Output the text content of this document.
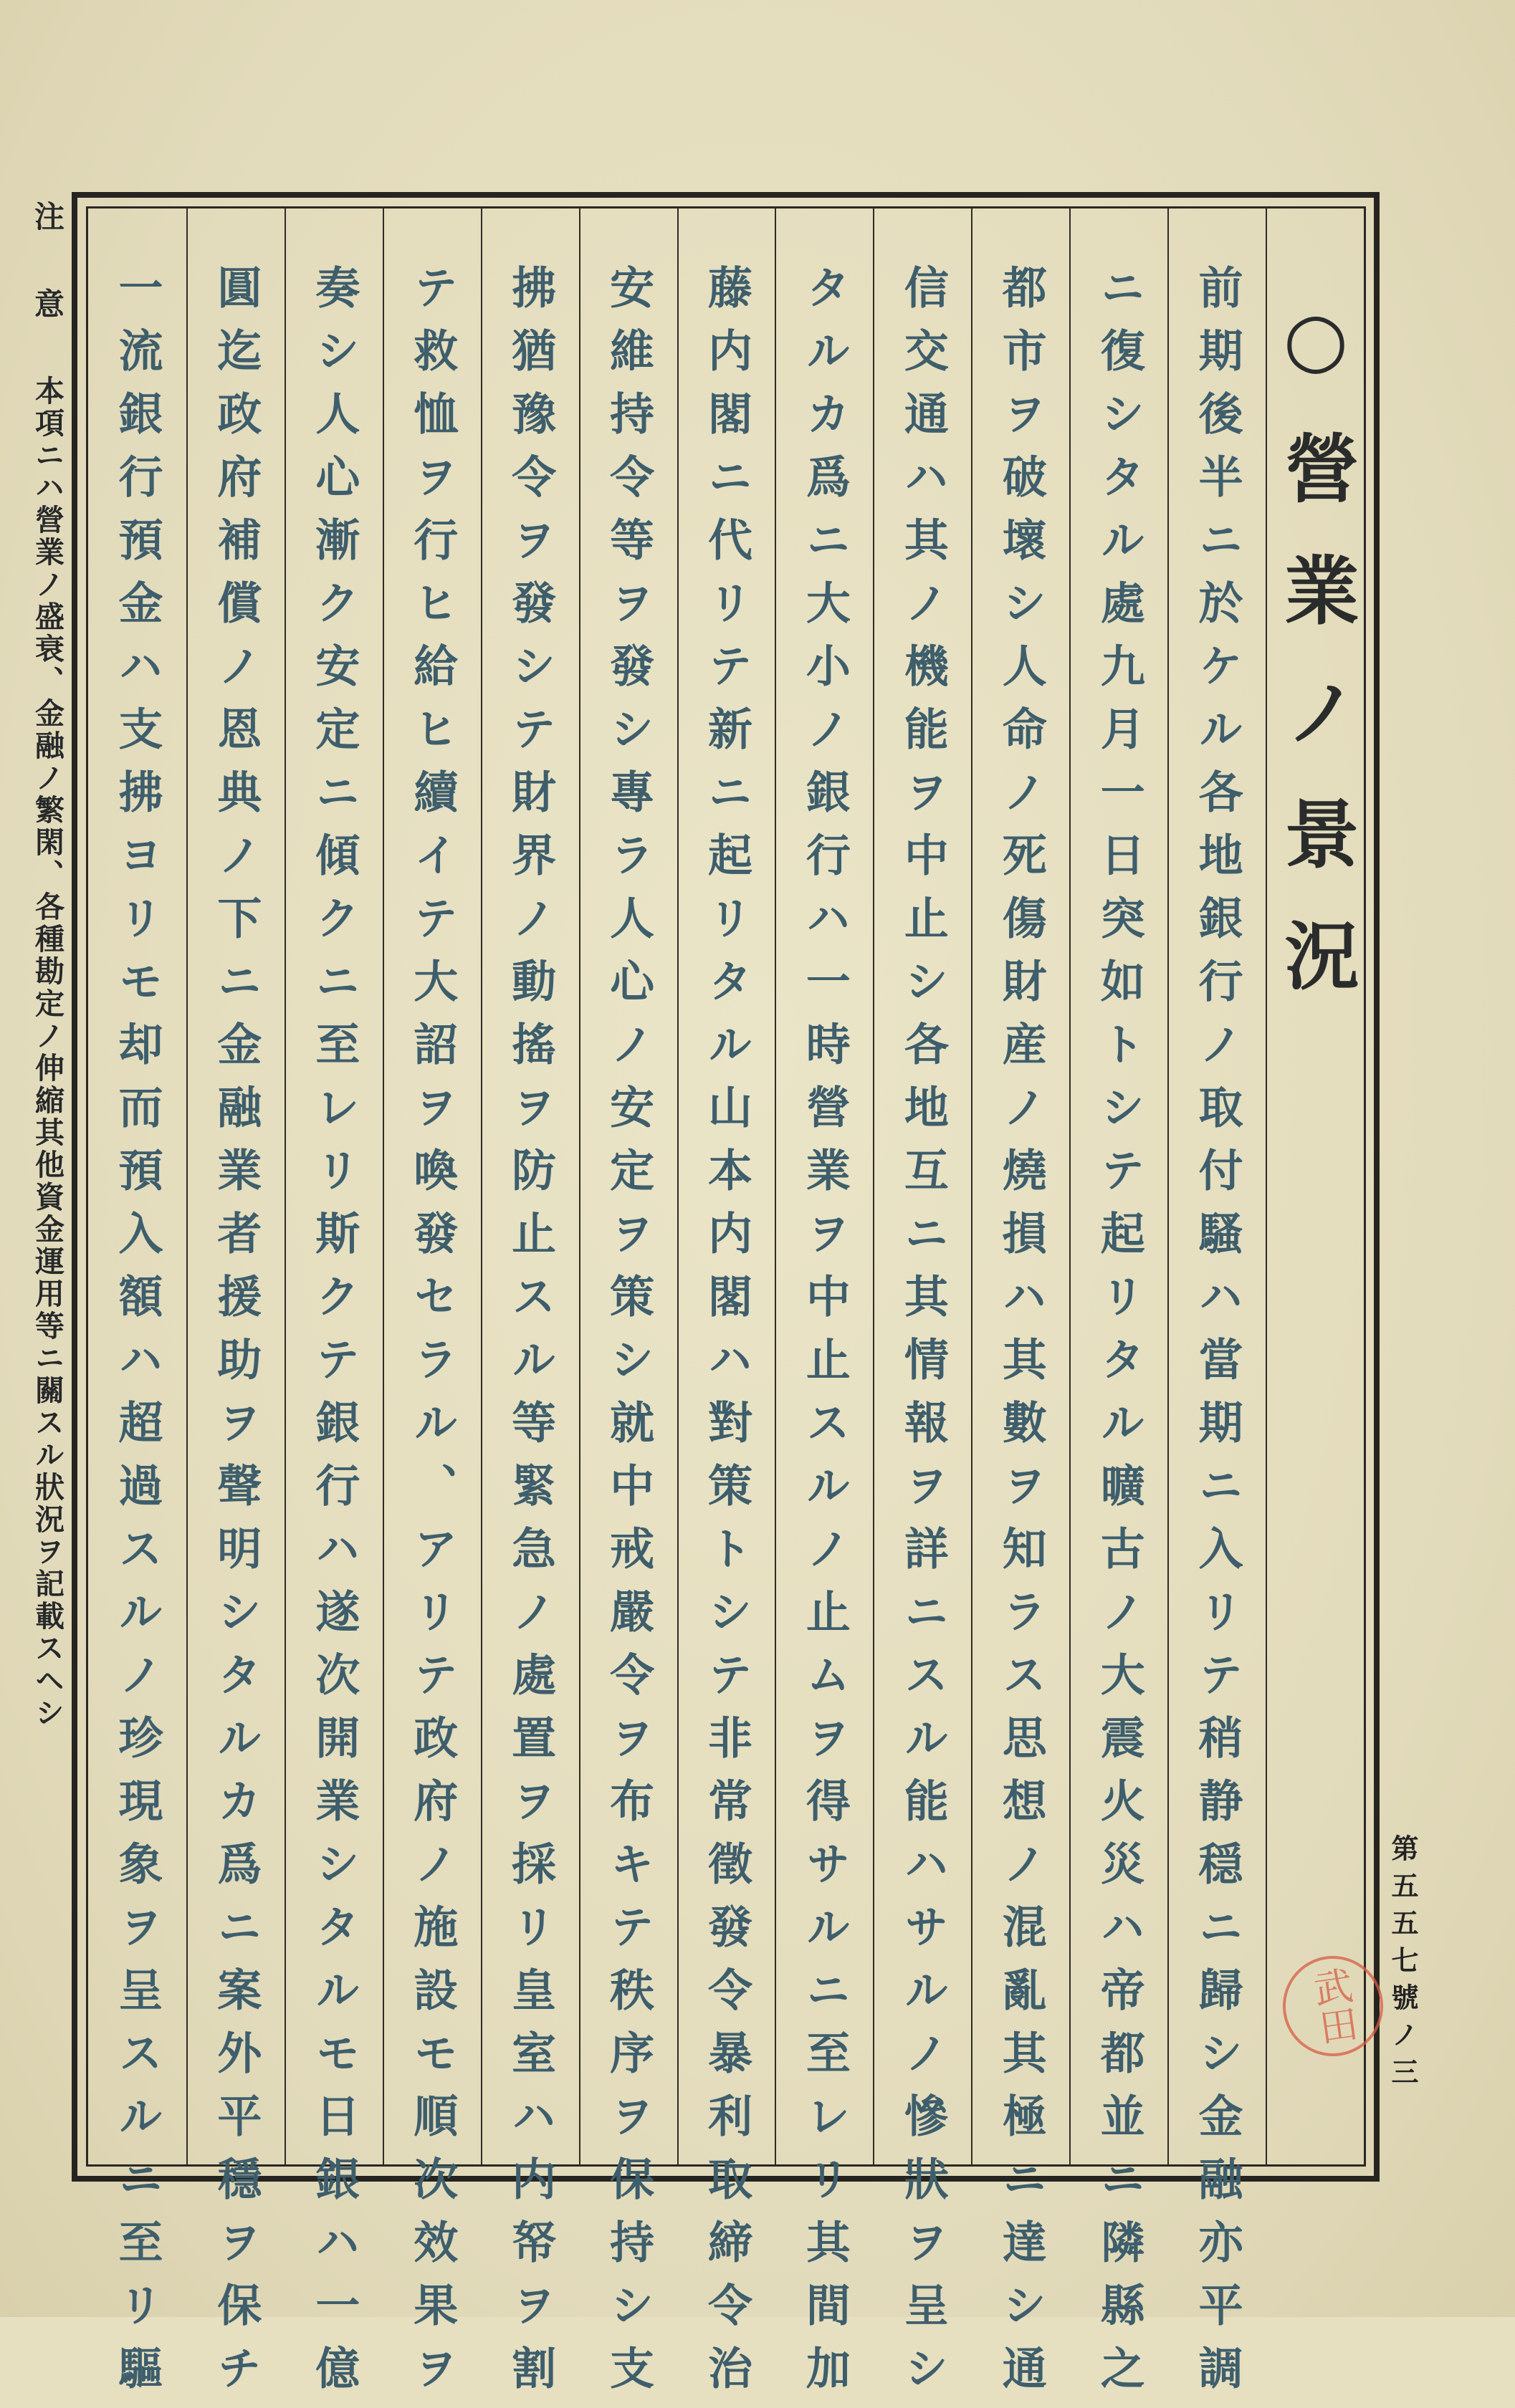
注意本項ニハ營業ノ盛衰、金融ノ繁閑、各種勘定ノ伸縮其他資金運用等ニ關スル狀況ヲ記載スヘシ	○營業ノ景況
前期後半ニ於ケル各地銀行ノ取付騷ハ當期ニ入リテ稍静穏ニ歸シ金融亦平調
ニ復シタル處九月一日突如トシテ起リタル曠古ノ大震火災ハ帝都並ニ隣縣之
都市ヲ破壞シ人命ノ死傷財産ノ燒損ハ其數ヲ知ラス思想ノ混亂其極ニ達シ通
信交通ハ其ノ機能ヲ中止シ各地互ニ其情報ヲ詳ニスル能ハサルノ慘狀ヲ呈シ
タルカ爲ニ大小ノ銀行ハ一時營業ヲ中止スルノ止ムヲ得サルニ至レリ其間加
藤内閣ニ代リテ新ニ起リタル山本内閣ハ對策トシテ非常徵發令暴利取締令治
安維持令等ヲ發シ專ラ人心ノ安定ヲ策シ就中戒嚴令ヲ布キテ秩序ヲ保持シ支
拂猶豫令ヲ發シテ財界ノ動搖ヲ防止スル等緊急ノ處置ヲ採リ皇室ハ内帑ヲ割
テ救恤ヲ行ヒ給ヒ續イテ大詔ヲ喚發セラル、アリテ政府ノ施設モ順次效果ヲ
奏シ人心漸ク安定ニ傾クニ至レリ斯クテ銀行ハ遂次開業シタルモ日銀ハ一億
圓迄政府補償ノ恩典ノ下ニ金融業者援助ヲ聲明シタルカ爲ニ案外平穩ヲ保チ
一流銀行預金ハ支拂ヨリモ却而預入額ハ超過スルノ珍現象ヲ呈スルニ至リ驅	武田 第五五七號ノ三
